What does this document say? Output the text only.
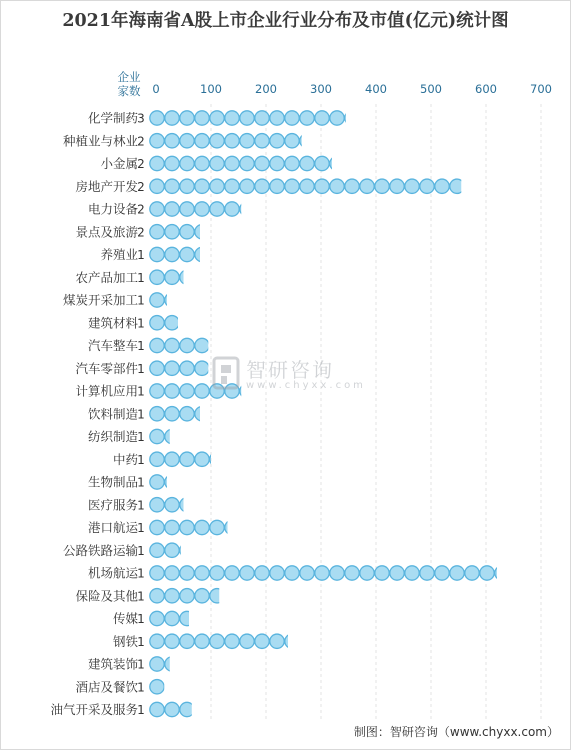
2021年海南省A股上市企业行业分布及市值(亿元)统计图
企业家数	0	100	200	300	400	500	600	700
化学制药 3
种植业与林业 2
小金属 2
房地产开发 2
电力设备 2
景点及旅游 2
养殖业 1
农产品加工 1
煤炭开采加工 1
建筑材料 1
汽车整车 1
汽车零部件 1
计算机应用 1
饮料制造 1
纺织制造 1
中药 1
生物制品 1
医疗服务 1
港口航运 1
公路铁路运输 1
机场航运 1
保险及其他 1
传媒 1
钢铁 1
建筑装饰 1
酒店及餐饮 1
油气开采及服务 1
智研咨询
www.chyxx.com
制图：智研咨询（www.chyxx.com）
